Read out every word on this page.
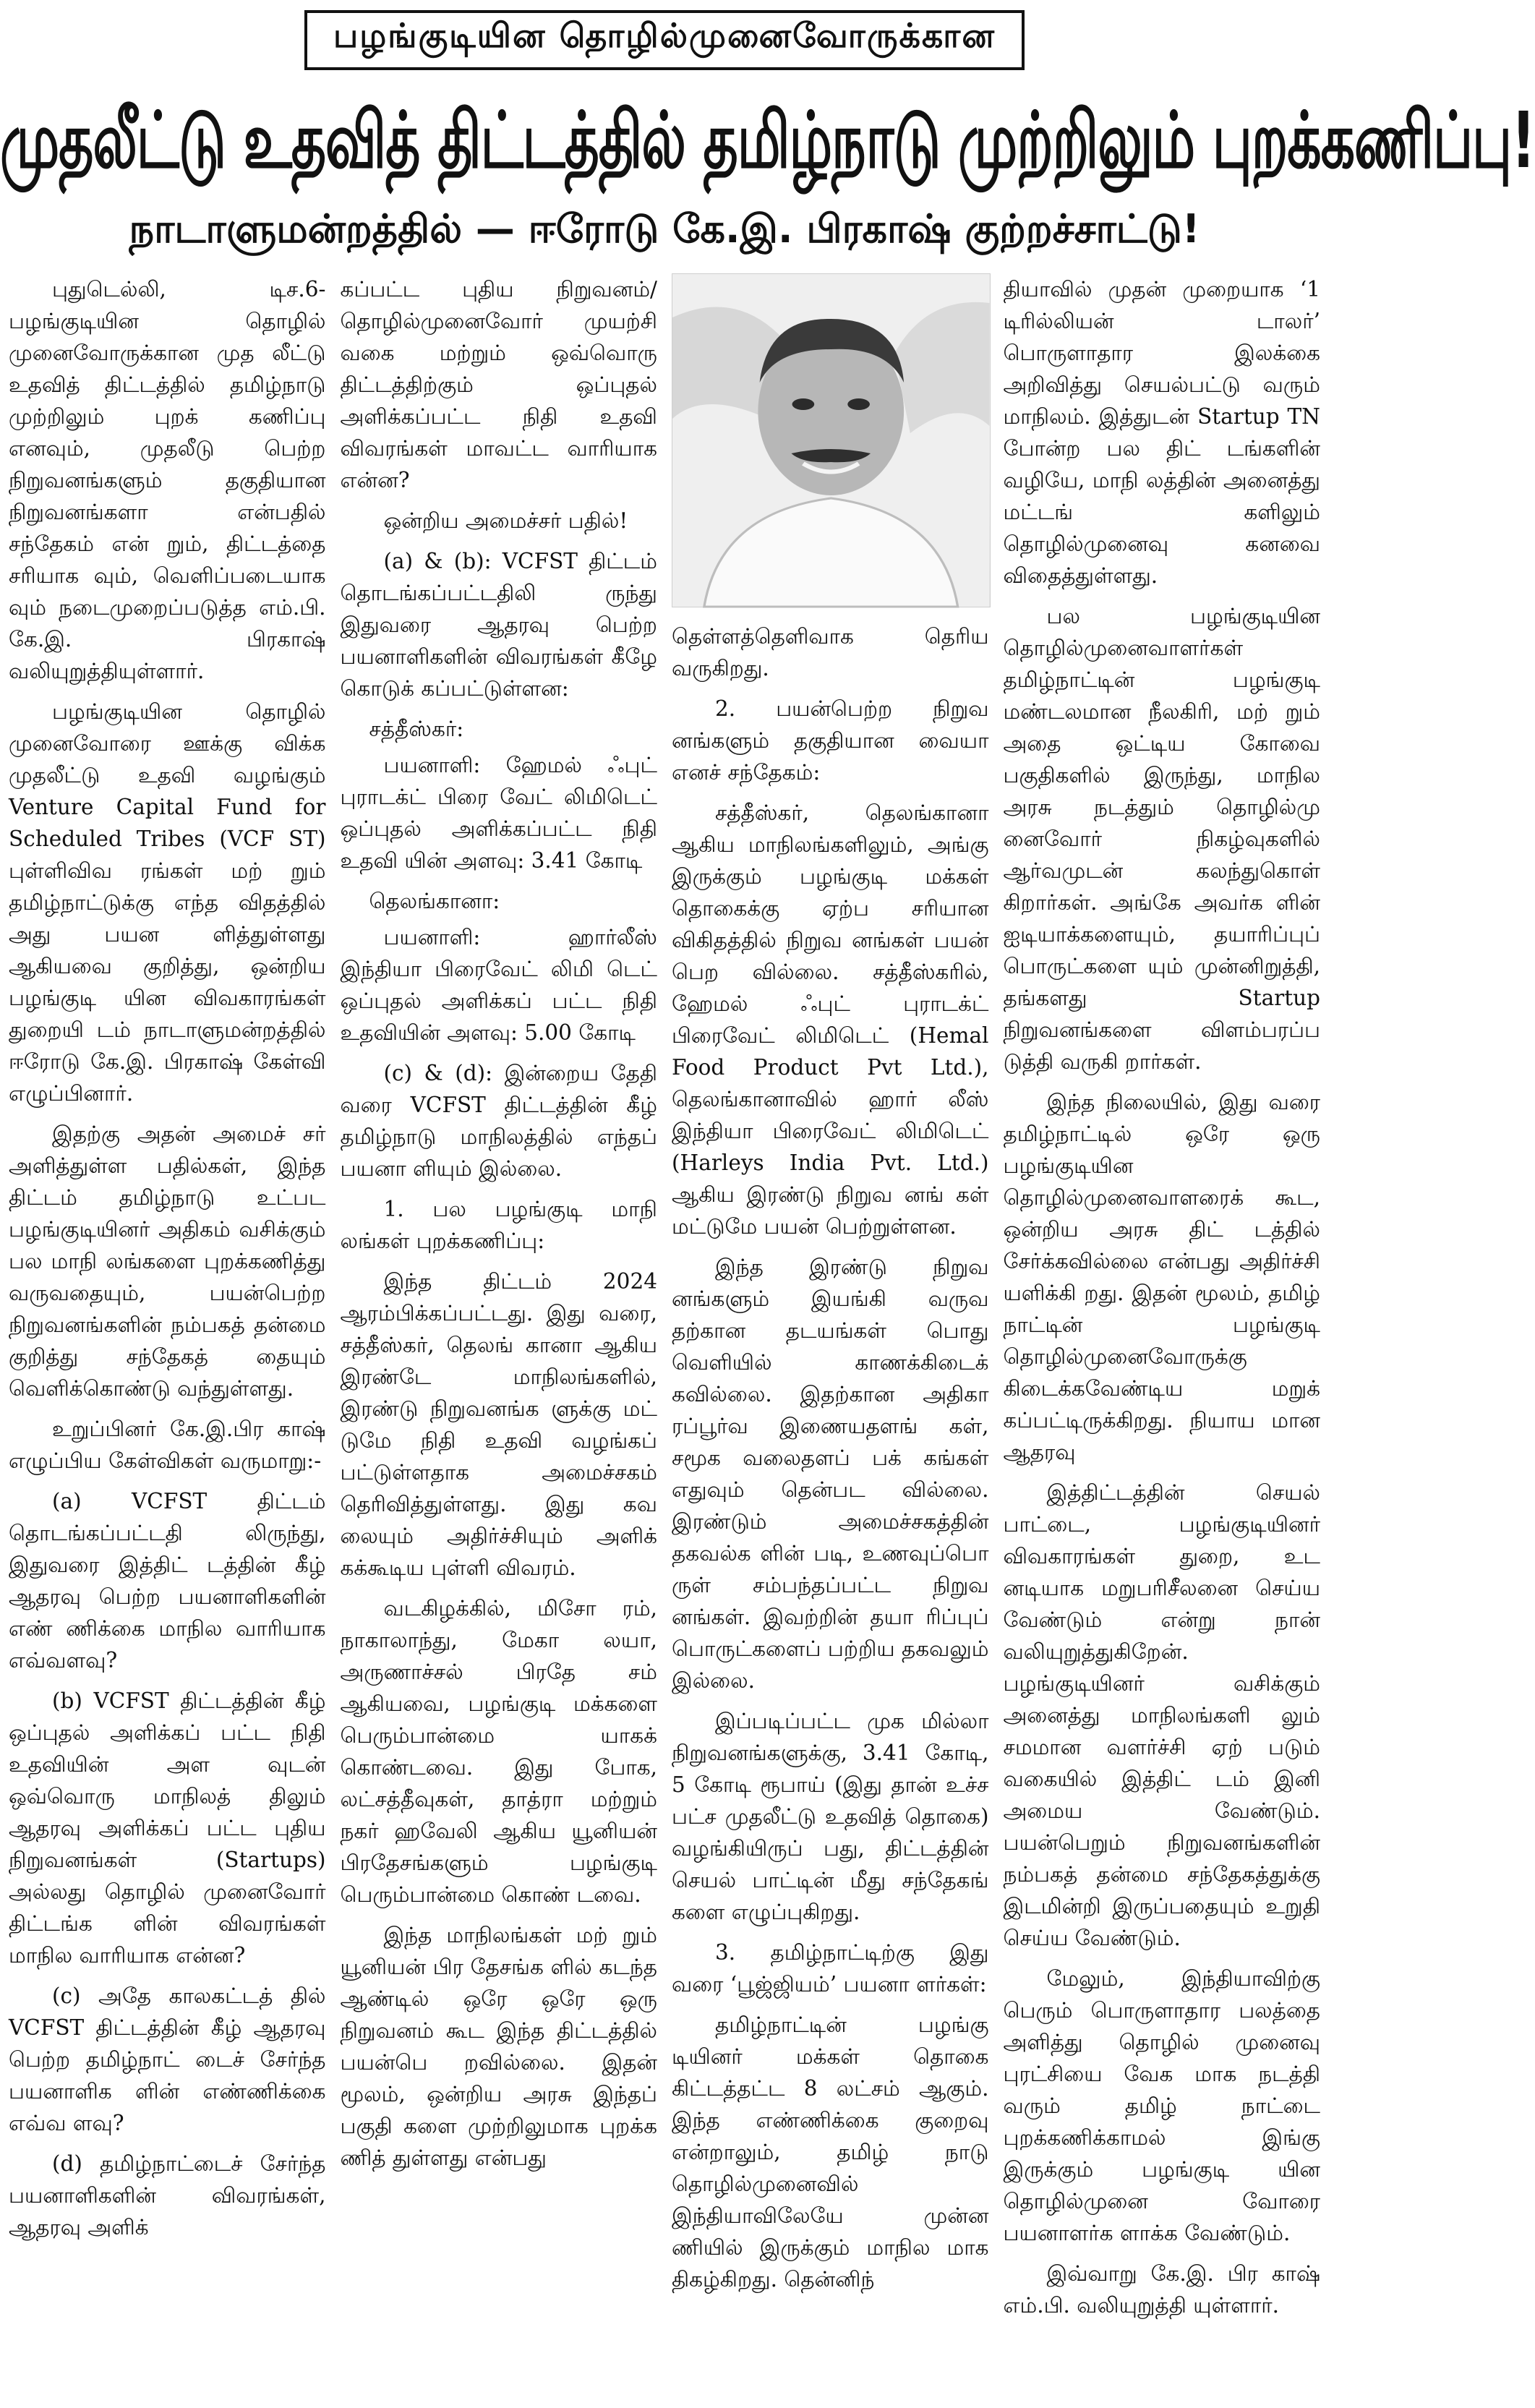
பழங்குடியின தொழில்முனைவோருக்கான
முதலீட்டு உதவித் திட்டத்தில் தமிழ்நாடு முற்றிலும் புறக்கணிப்பு!
நாடாளுமன்றத்தில் — ஈரோடு கே.இ. பிரகாஷ் குற்றச்சாட்டு!

புதுடெல்லி, டிச.6- பழங்குடியின தொழில் முனைவோருக்கான முத லீட்டு உதவித் திட்டத்தில் தமிழ்நாடு முற்றிலும் புறக் கணிப்பு எனவும், முதலீடு பெற்ற நிறுவனங்களும் தகுதியான நிறுவனங்களா என்பதில் சந்தேகம் என் றும், திட்டத்தை சரியாக வும், வெளிப்படையாக வும் நடைமுறைப்படுத்த எம்.பி. கே.இ. பிரகாஷ் வலியுறுத்தியுள்ளார்.

பழங்குடியின தொழில் முனைவோரை ஊக்கு விக்க முதலீட்டு உதவி வழங்கும் Venture Capital Fund for Scheduled Tribes (VCF ST) புள்ளிவிவ ரங்கள் மற் றும் தமிழ்நாட்டுக்கு எந்த விதத்தில் அது பயன ளித்துள்ளது ஆகியவை குறித்து, ஒன்றிய பழங்குடி யின விவகாரங்கள் துறையி டம் நாடாளுமன்றத்தில் ஈரோடு கே.இ. பிரகாஷ் கேள்வி எழுப்பினார்.

இதற்கு அதன் அமைச் சர் அளித்துள்ள பதில்கள், இந்த திட்டம் தமிழ்நாடு உட்பட பழங்குடியினர் அதிகம் வசிக்கும் பல மாநி லங்களை புறக்கணித்து வருவதையும், பயன்பெற்ற நிறுவனங்களின் நம்பகத் தன்மை குறித்து சந்தேகத் தையும் வெளிக்கொண்டு வந்துள்ளது.

உறுப்பினர் கே.இ.பிர காஷ் எழுப்பிய கேள்விகள் வருமாறு:-

(a) VCFST திட்டம் தொடங்கப்பட்டதி லிருந்து, இதுவரை இத்திட் டத்தின் கீழ் ஆதரவு பெற்ற பயனாளிகளின் எண் ணிக்கை மாநில வாரியாக எவ்வளவு?

(b) VCFST திட்டத்தின் கீழ் ஒப்புதல் அளிக்கப் பட்ட நிதி உதவியின் அள வுடன் ஒவ்வொரு மாநிலத் திலும் ஆதரவு அளிக்கப் பட்ட புதிய நிறுவனங்கள் (Startups) அல்லது தொழில் முனைவோர் திட்டங்க ளின் விவரங்கள் மாநில வாரியாக என்ன?

(c) அதே காலகட்டத் தில் VCFST திட்டத்தின் கீழ் ஆதரவு பெற்ற தமிழ்நாட் டைச் சேர்ந்த பயனாளிக ளின் எண்ணிக்கை எவ்வ ளவு?

(d) தமிழ்நாட்டைச் சேர்ந்த பயனாளிகளின் விவரங்கள், ஆதரவு அளிக்

கப்பட்ட புதிய நிறுவனம்/ தொழில்முனைவோர் முயற்சி வகை மற்றும் ஒவ்வொரு திட்டத்திற்கும் ஒப்புதல் அளிக்கப்பட்ட நிதி உதவி விவரங்கள் மாவட்ட வாரியாக என்ன?

ஒன்றிய அமைச்சர் பதில்!

(a) & (b): VCFST திட்டம் தொடங்கப்பட்டதிலி ருந்து இதுவரை ஆதரவு பெற்ற பயனாளிகளின் விவரங்கள் கீழே கொடுக் கப்பட்டுள்ளன:

சத்தீஸ்கர்:

பயனாளி: ஹேமல் ஃபுட் புராடக்ட் பிரை வேட் லிமிடெட் ஒப்புதல் அளிக்கப்பட்ட நிதி உதவி யின் அளவு: 3.41 கோடி

தெலங்கானா:

பயனாளி: ஹார்லீஸ் இந்தியா பிரைவேட் லிமி டெட் ஒப்புதல் அளிக்கப் பட்ட நிதி உதவியின் அளவு: 5.00 கோடி

(c) & (d): இன்றைய தேதி வரை VCFST திட்டத்தின் கீழ் தமிழ்நாடு மாநிலத்தில் எந்தப் பயனா ளியும் இல்லை.

1. பல பழங்குடி மாநி லங்கள் புறக்கணிப்பு:

இந்த திட்டம் 2024 ஆரம்பிக்கப்பட்டது. இது வரை, சத்தீஸ்கர், தெலங் கானா ஆகிய இரண்டே மாநிலங்களில், இரண்டு நிறுவனங்க ளுக்கு மட் டுமே நிதி உதவி வழங்கப் பட்டுள்ளதாக அமைச்சகம் தெரிவித்துள்ளது. இது கவ லையும் அதிர்ச்சியும் அளிக் கக்கூடிய புள்ளி விவரம்.

வடகிழக்கில், மிசோ ரம், நாகாலாந்து, மேகா லயா, அருணாச்சல் பிரதே சம் ஆகியவை, பழங்குடி மக்களை பெரும்பான்மை யாகக் கொண்டவை. இது போக, லட்சத்தீவுகள், தாத்ரா மற்றும் நகர் ஹவேலி ஆகிய யூனியன் பிரதேசங்களும் பழங்குடி பெரும்பான்மை கொண் டவை.

இந்த மாநிலங்கள் மற் றும் யூனியன் பிர தேசங்க ளில் கடந்த ஆண்டில் ஒரே ஒரே ஒரு நிறுவனம் கூட இந்த திட்டத்தில் பயன்பெ றவில்லை. இதன் மூலம், ஒன்றிய அரசு இந்தப் பகுதி களை முற்றிலுமாக புறக்க ணித் துள்ளது என்பது

தெள்ளத்தெளிவாக தெரிய வருகிறது.

2. பயன்பெற்ற நிறுவ னங்களும் தகுதியான வையா எனச் சந்தேகம்:

சத்தீஸ்கர், தெலங்கானா ஆகிய மாநிலங்களிலும், அங்கு இருக்கும் பழங்குடி மக்கள் தொகைக்கு ஏற்ப சரியான விகிதத்தில் நிறுவ னங்கள் பயன் பெற வில்லை. சத்தீஸ்கரில், ஹேமல் ஃபுட் புராடக்ட் பிரைவேட் லிமிடெட் (Hemal Food Product Pvt Ltd.), தெலங்கானாவில் ஹார் லீஸ் இந்தியா பிரைவேட் லிமிடெட் (Harleys India Pvt. Ltd.) ஆகிய இரண்டு நிறுவ னங் கள் மட்டுமே பயன் பெற்றுள்ளன.

இந்த இரண்டு நிறுவ னங்களும் இயங்கி வருவ தற்கான தடயங்கள் பொது வெளியில் காணக்கிடைக் கவில்லை. இதற்கான அதிகா ரப்பூர்வ இணையதளங் கள், சமூக வலைதளப் பக் கங்கள் எதுவும் தென்பட வில்லை. இரண்டும் அமைச்சகத்தின் தகவல்க ளின் படி, உணவுப்பொ ருள் சம்பந்தப்பட்ட நிறுவ னங்கள். இவற்றின் தயா ரிப்புப் பொருட்களைப் பற்றிய தகவலும் இல்லை.

இப்படிப்பட்ட முக மில்லா நிறுவனங்களுக்கு, 3.41 கோடி, 5 கோடி ரூபாய் (இது தான் உச்ச பட்ச முதலீட்டு உதவித் தொகை) வழங்கியிருப் பது, திட்டத்தின் செயல் பாட்டின் மீது சந்தேகங் களை எழுப்புகிறது.

3. தமிழ்நாட்டிற்கு இது வரை ‘பூஜ்ஜியம்’ பயனா ளர்கள்:

தமிழ்நாட்டின் பழங்கு டியினர் மக்கள் தொகை கிட்டத்தட்ட 8 லட்சம் ஆகும். இந்த எண்ணிக்கை குறைவு என்றாலும், தமிழ் நாடு தொழில்முனைவில் இந்தியாவிலேயே முன்ன ணியில் இருக்கும் மாநில மாக திகழ்கிறது. தென்னிந்

தியாவில் முதன் முறையாக ‘1 டிரில்லியன் டாலர்’ பொருளாதார இலக்கை அறிவித்து செயல்பட்டு வரும் மாநிலம். இத்துடன் Startup TN போன்ற பல திட் டங்களின் வழியே, மாநி லத்தின் அனைத்து மட்டங் களிலும் தொழில்முனைவு கனவை விதைத்துள்ளது.

பல பழங்குடியின தொழில்முனைவாளர்கள் தமிழ்நாட்டின் பழங்குடி மண்டலமான நீலகிரி, மற் றும் அதை ஒட்டிய கோவை பகுதிகளில் இருந்து, மாநில அரசு நடத்தும் தொழில்மு னைவோர் நிகழ்வுகளில் ஆர்வமுடன் கலந்துகொள் கிறார்கள். அங்கே அவர்க ளின் ஐடியாக்களையும், தயாரிப்புப் பொருட்களை யும் முன்னிறுத்தி, தங்களது Startup நிறுவனங்களை விளம்பரப்ப டுத்தி வருகி றார்கள்.

இந்த நிலையில், இது வரை தமிழ்நாட்டில் ஒரே ஒரு பழங்குடியின தொழில்முனைவாளரைக் கூட, ஒன்றிய அரசு திட் டத்தில் சேர்க்கவில்லை என்பது அதிர்ச்சி யளிக்கி றது. இதன் மூலம், தமிழ் நாட்டின் பழங்குடி தொழில்முனைவோருக்கு கிடைக்கவேண்டிய மறுக் கப்பட்டிருக்கிறது. நியாய மான ஆதரவு

இத்திட்டத்தின் செயல் பாட்டை, பழங்குடியினர் விவகாரங்கள் துறை, உட னடியாக மறுபரிசீலனை செய்ய வேண்டும் என்று நான் வலியுறுத்துகிறேன். பழங்குடியினர் வசிக்கும் அனைத்து மாநிலங்களி லும் சமமான வளர்ச்சி ஏற் படும் வகையில் இத்திட் டம் இனி அமைய வேண்டும். பயன்பெறும் நிறுவனங்களின் நம்பகத் தன்மை சந்தேகத்துக்கு இடமின்றி இருப்பதையும் உறுதி செய்ய வேண்டும்.

மேலும், இந்தியாவிற்கு பெரும் பொருளாதார பலத்தை அளித்து தொழில் முனைவு புரட்சியை வேக மாக நடத்தி வரும் தமிழ் நாட்டை புறக்கணிக்காமல் இங்கு இருக்கும் பழங்குடி யின தொழில்முனை வோரை பயனாளர்க ளாக்க வேண்டும்.

இவ்வாறு கே.இ. பிர காஷ் எம்.பி. வலியுறுத்தி யுள்ளார்.
